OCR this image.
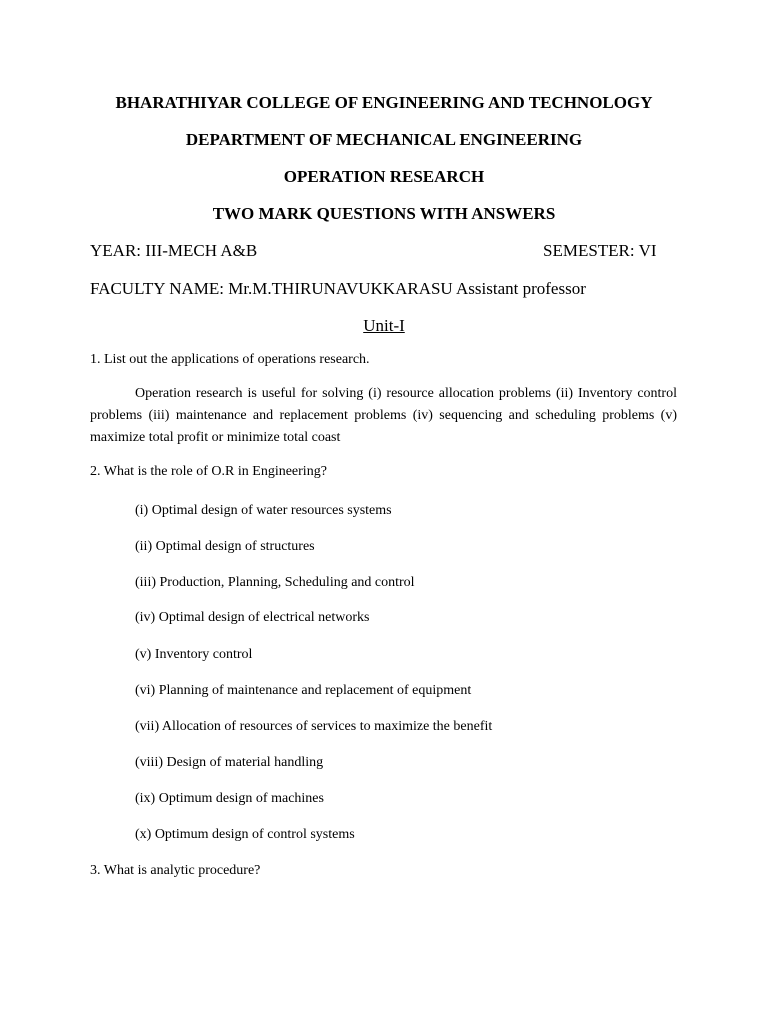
BHARATHIYAR COLLEGE OF ENGINEERING AND TECHNOLOGY
DEPARTMENT OF MECHANICAL ENGINEERING
OPERATION RESEARCH
TWO MARK QUESTIONS WITH ANSWERS
YEAR: III-MECH A&B	SEMESTER: VI
FACULTY NAME: Mr.M.THIRUNAVUKKARASU Assistant professor
Unit-I
1. List out the applications of operations research.

Operation research is useful for solving (i) resource allocation problems (ii) Inventory control problems (iii) maintenance and replacement problems (iv) sequencing and scheduling problems (v) maximize total profit or minimize total coast

2. What is the role of O.R in Engineering?
(i) Optimal design of water resources systems
(ii) Optimal design of structures
(iii) Production, Planning, Scheduling and control
(iv) Optimal design of electrical networks
(v) Inventory control
(vi) Planning of maintenance and replacement of equipment
(vii) Allocation of resources of services to maximize the benefit
(viii) Design of material handling
(ix) Optimum design of machines
(x) Optimum design of control systems
3. What is analytic procedure?
